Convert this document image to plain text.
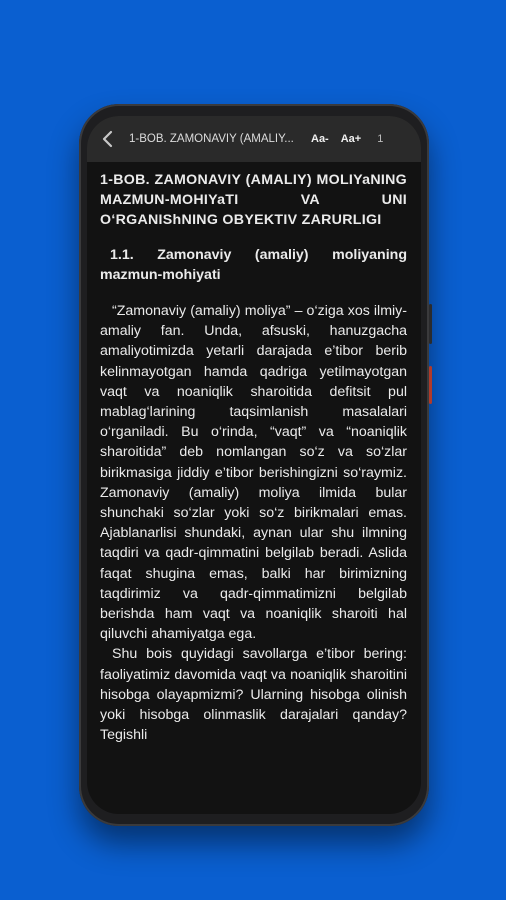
1-BOB. ZAMONAVIY (AMALIY...	Aa- Aa+ 1
1-BOB. ZAMONAVIY (AMALIY) MOLIYaNING MAZMUN-MOHIYaTI VA UNI O‘RGANIShNING OBYEKTIV ZARURLIGI
1.1. Zamonaviy (amaliy) moliyaning mazmun-mohiyati

“Zamonaviy (amaliy) moliya” – o‘ziga xos ilmiy-amaliy fan. Unda, afsuski, hanuzgacha amaliyotimizda yetarli darajada e’tibor berib kelinmayotgan hamda qadriga yetilmayotgan vaqt va noaniqlik sharoitida defitsit pul mablag‘larining taqsimlanish masalalari o‘rganiladi. Bu o‘rinda, “vaqt” va “noaniqlik sharoitida” deb nomlangan so‘z va so‘zlar birikmasiga jiddiy e’tibor berishingizni so‘raymiz. Zamonaviy (amaliy) moliya ilmida bular shunchaki so‘zlar yoki so‘z birikmalari emas. Ajablanarlisi shundaki, aynan ular shu ilmning taqdiri va qadr-qimmatini belgilab beradi. Aslida faqat shugina emas, balki har birimizning taqdirimiz va qadr-qimmatimizni belgilab berishda ham vaqt va noaniqlik sharoiti hal qiluvchi ahamiyatga ega.

Shu bois quyidagi savollarga e’tibor bering: faoliyatimiz davomida vaqt va noaniqlik sharoitini hisobga olayapmizmi? Ularning hisobga olinish yoki hisobga olinmaslik darajalari qanday? Tegishli
